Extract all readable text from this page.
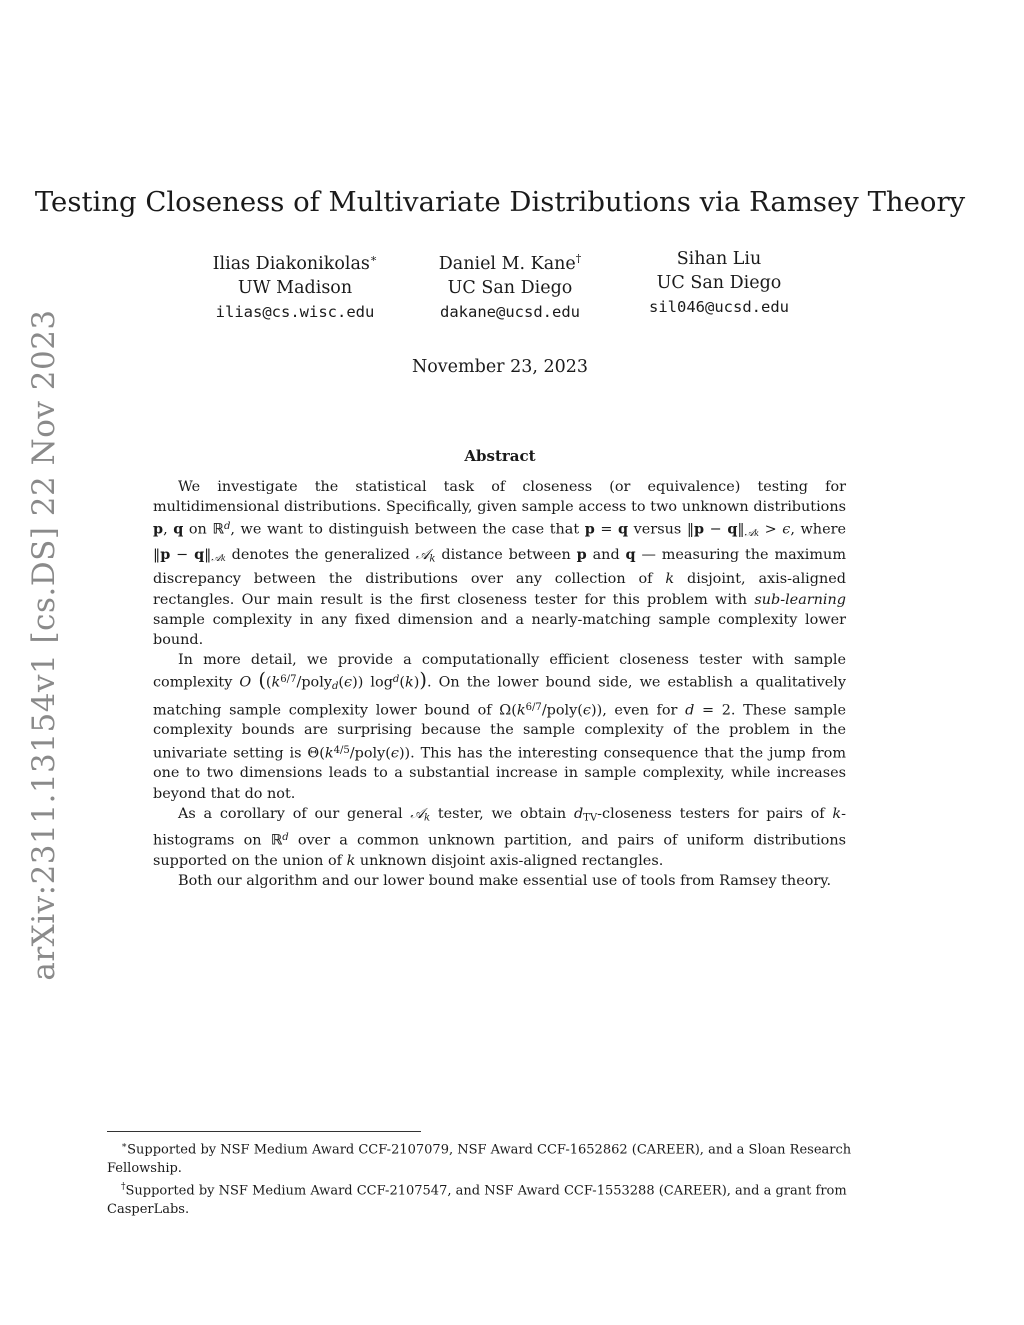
arXiv:2311.13154v1 [cs.DS] 22 Nov 2023
Testing Closeness of Multivariate Distributions via Ramsey Theory
Ilias Diakonikolas∗
UW Madison
ilias@cs.wisc.edu
Daniel M. Kane†
UC San Diego
dakane@ucsd.edu
Sihan Liu
UC San Diego
sil046@ucsd.edu
November 23, 2023
Abstract

We investigate the statistical task of closeness (or equivalence) testing for multidimensional distributions. Specifically, given sample access to two unknown distributions p, q on ℝ$^d$, we want to distinguish between the case that p = q versus ‖p − $q‖_{𝒜k} > \epsilon$, where ‖p − $q‖_{𝒜k}$ denotes the generalized 𝒜$_k$ distance between p and q — measuring the maximum discrepancy between the distributions over any collection of k disjoint, axis-aligned rectangles. Our main result is the first closeness tester for this problem with sub-learning sample complexity in any fixed dimension and a nearly-matching sample complexity lower bound.

In more detail, we provide a computationally efficient closeness tester with sample complexity O ($(k^{6/7}/poly_d(\epsilon))$ $\log^d(k)$). On the lower bound side, we establish a qualitatively matching sample complexity lower bound of $\Omega(k^{6/7}/poly(\epsilon))$, even for d = 2. These sample complexity bounds are surprising because the sample complexity of the problem in the univariate setting is $\Theta(k^{4/5}/poly(\epsilon))$. This has the interesting consequence that the jump from one to two dimensions leads to a substantial increase in sample complexity, while increases beyond that do not.

As a corollary of our general 𝒜$_k$ tester, we obtain $d_{TV}$-closeness testers for pairs of k-histograms on ℝ$^d$ over a common unknown partition, and pairs of uniform distributions supported on the union of k unknown disjoint axis-aligned rectangles.

Both our algorithm and our lower bound make essential use of tools from Ramsey theory.

∗Supported by NSF Medium Award CCF-2107079, NSF Award CCF-1652862 (CAREER), and a Sloan Research Fellowship.

†Supported by NSF Medium Award CCF-2107547, and NSF Award CCF-1553288 (CAREER), and a grant from CasperLabs.
